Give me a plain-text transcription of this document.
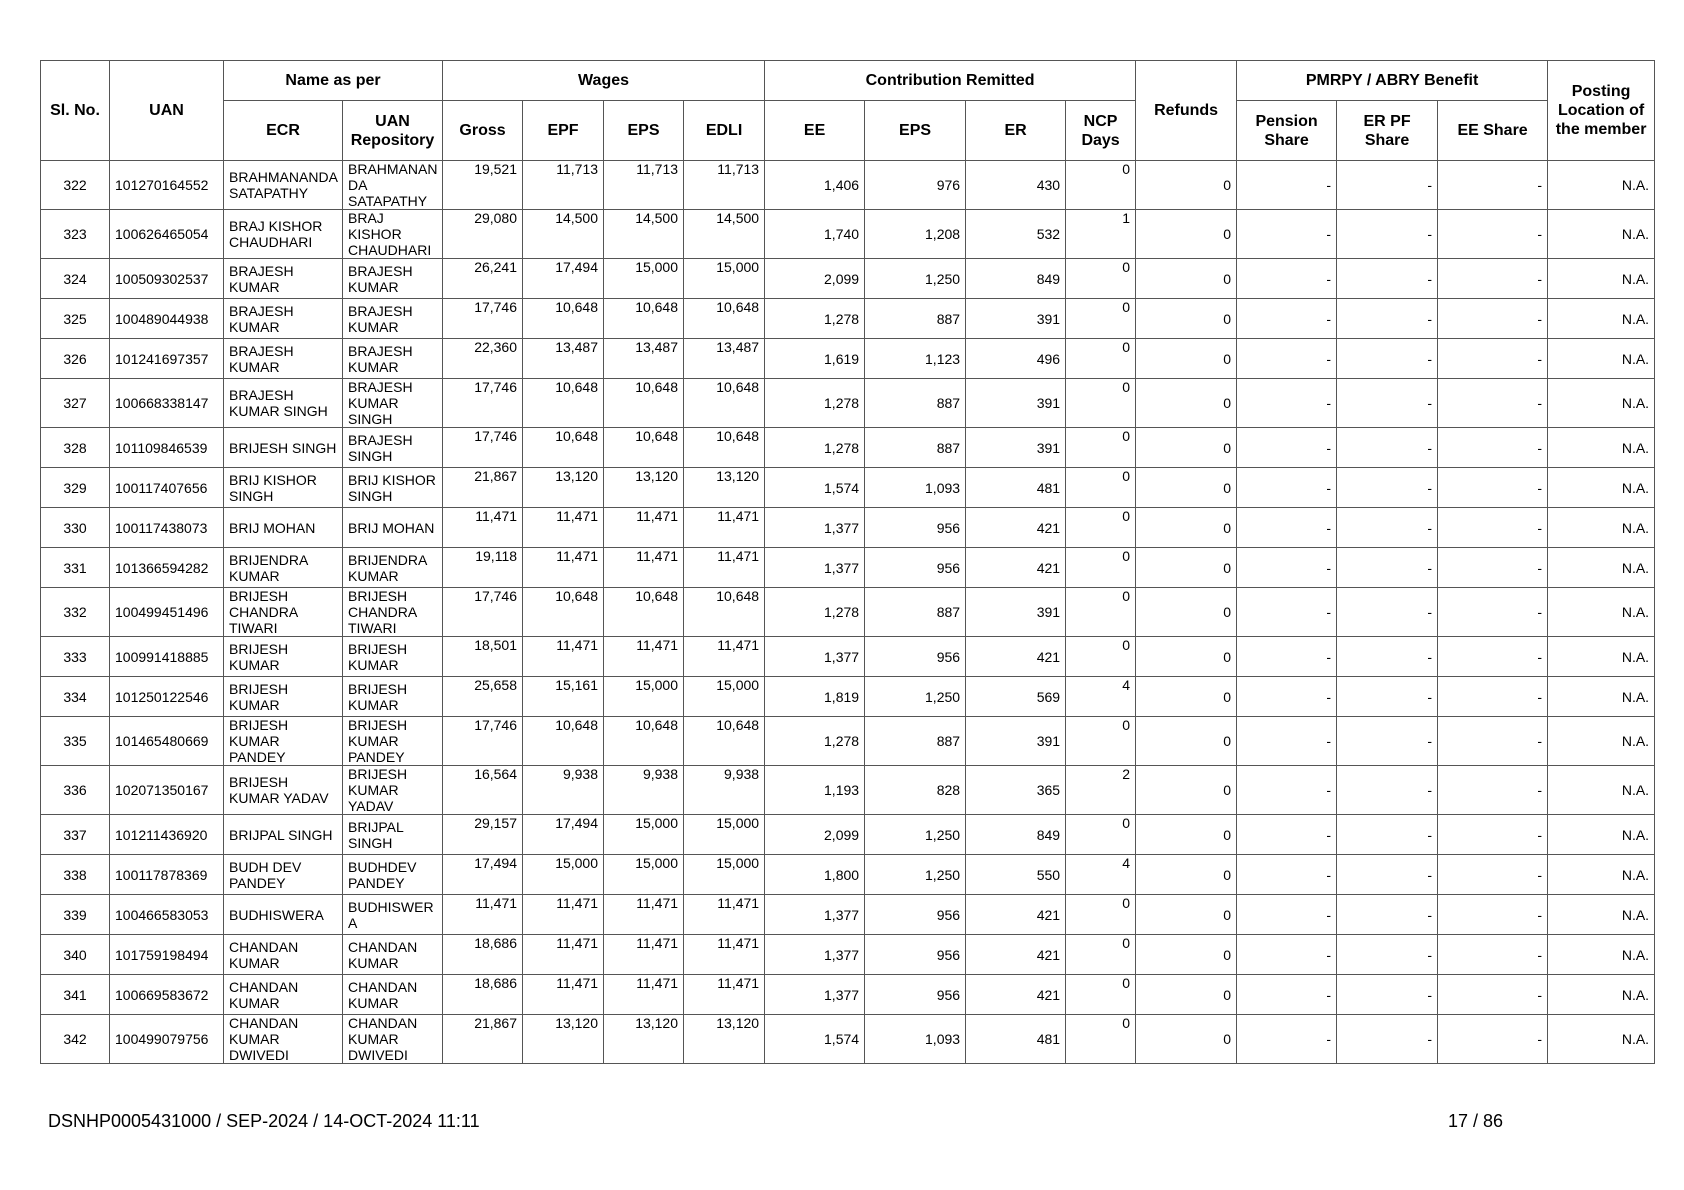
Sl. No.	UAN	Name as per		Wages				Contribution Remitted				Refunds	PMRPY / ABRY Benefit			Posting Location of the member
		ECR	UAN Repository	Gross	EPF	EPS	EDLI	EE	EPS	ER	NCP Days		Pension Share	ER PF Share	EE Share	
322	101270164552	BRAHMANANDA SATAPATHY	BRAHMANAN DA SATAPATHY	19,521	11,713	11,713	11,713	1,406	976	430	0	0	-	-	-	N.A.
323	100626465054	BRAJ KISHOR CHAUDHARI	BRAJ KISHOR CHAUDHARI	29,080	14,500	14,500	14,500	1,740	1,208	532	1	0	-	-	-	N.A.
324	100509302537	BRAJESH KUMAR	BRAJESH KUMAR	26,241	17,494	15,000	15,000	2,099	1,250	849	0	0	-	-	-	N.A.
325	100489044938	BRAJESH KUMAR	BRAJESH KUMAR	17,746	10,648	10,648	10,648	1,278	887	391	0	0	-	-	-	N.A.
326	101241697357	BRAJESH KUMAR	BRAJESH KUMAR	22,360	13,487	13,487	13,487	1,619	1,123	496	0	0	-	-	-	N.A.
327	100668338147	BRAJESH KUMAR SINGH	BRAJESH KUMAR SINGH	17,746	10,648	10,648	10,648	1,278	887	391	0	0	-	-	-	N.A.
328	101109846539	BRIJESH SINGH	BRAJESH SINGH	17,746	10,648	10,648	10,648	1,278	887	391	0	0	-	-	-	N.A.
329	100117407656	BRIJ KISHOR SINGH	BRIJ KISHOR SINGH	21,867	13,120	13,120	13,120	1,574	1,093	481	0	0	-	-	-	N.A.
330	100117438073	BRIJ MOHAN	BRIJ MOHAN	11,471	11,471	11,471	11,471	1,377	956	421	0	0	-	-	-	N.A.
331	101366594282	BRIJENDRA KUMAR	BRIJENDRA KUMAR	19,118	11,471	11,471	11,471	1,377	956	421	0	0	-	-	-	N.A.
332	100499451496	BRIJESH CHANDRA TIWARI	BRIJESH CHANDRA TIWARI	17,746	10,648	10,648	10,648	1,278	887	391	0	0	-	-	-	N.A.
333	100991418885	BRIJESH KUMAR	BRIJESH KUMAR	18,501	11,471	11,471	11,471	1,377	956	421	0	0	-	-	-	N.A.
334	101250122546	BRIJESH KUMAR	BRIJESH KUMAR	25,658	15,161	15,000	15,000	1,819	1,250	569	4	0	-	-	-	N.A.
335	101465480669	BRIJESH KUMAR PANDEY	BRIJESH KUMAR PANDEY	17,746	10,648	10,648	10,648	1,278	887	391	0	0	-	-	-	N.A.
336	102071350167	BRIJESH KUMAR YADAV	BRIJESH KUMAR YADAV	16,564	9,938	9,938	9,938	1,193	828	365	2	0	-	-	-	N.A.
337	101211436920	BRIJPAL SINGH	BRIJPAL SINGH	29,157	17,494	15,000	15,000	2,099	1,250	849	0	0	-	-	-	N.A.
338	100117878369	BUDH DEV PANDEY	BUDHDEV PANDEY	17,494	15,000	15,000	15,000	1,800	1,250	550	4	0	-	-	-	N.A.
339	100466583053	BUDHISWERA	BUDHISWER A	11,471	11,471	11,471	11,471	1,377	956	421	0	0	-	-	-	N.A.
340	101759198494	CHANDAN KUMAR	CHANDAN KUMAR	18,686	11,471	11,471	11,471	1,377	956	421	0	0	-	-	-	N.A.
341	100669583672	CHANDAN KUMAR	CHANDAN KUMAR	18,686	11,471	11,471	11,471	1,377	956	421	0	0	-	-	-	N.A.
342	100499079756	CHANDAN KUMAR DWIVEDI	CHANDAN KUMAR DWIVEDI	21,867	13,120	13,120	13,120	1,574	1,093	481	0	0	-	-	-	N.A.
DSNHP0005431000 / SEP-2024 / 14-OCT-2024 11:11	17 / 86
